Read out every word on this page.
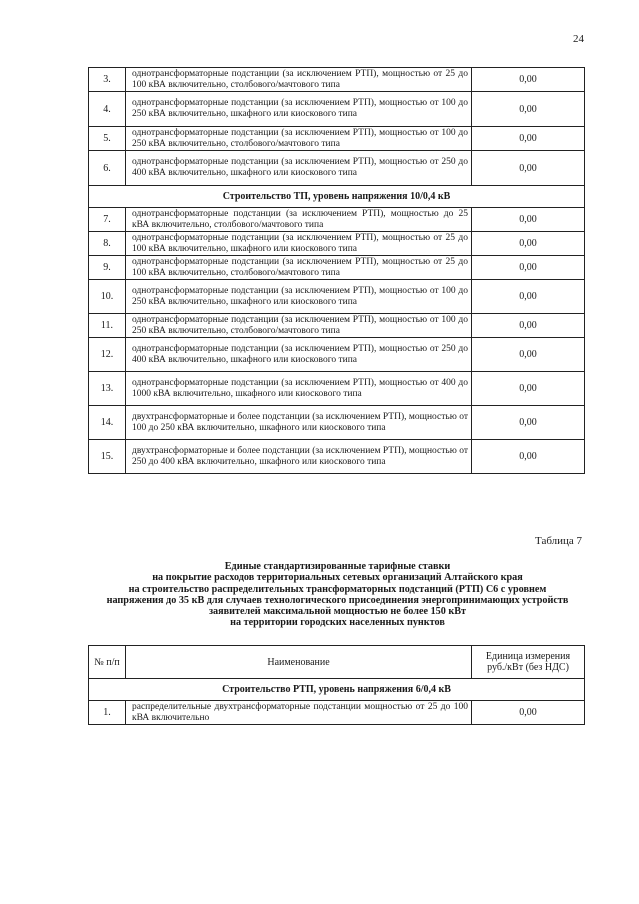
24
3.	однотрансформаторные подстанции (за исключением РТП), мощностью от 25 до 100 кВА включительно, столбового/мачтового типа	0,00
4.	однотрансформаторные подстанции (за исключением РТП), мощностью от 100 до 250 кВА включительно, шкафного или киоскового типа	0,00
5.	однотрансформаторные подстанции (за исключением РТП), мощностью от 100 до 250 кВА включительно, столбового/мачтового типа	0,00
6.	однотрансформаторные подстанции (за исключением РТП), мощностью от 250 до 400 кВА включительно, шкафного или киоскового типа	0,00
Строительство ТП, уровень напряжения 10/0,4 кВ		
7.	однотрансформаторные подстанции (за исключением РТП), мощностью до 25 кВА включительно, столбового/мачтового типа	0,00
8.	однотрансформаторные подстанции (за исключением РТП), мощностью от 25 до 100 кВА включительно, шкафного или киоскового типа	0,00
9.	однотрансформаторные подстанции (за исключением РТП), мощностью от 25 до 100 кВА включительно, столбового/мачтового типа	0,00
10.	однотрансформаторные подстанции (за исключением РТП), мощностью от 100 до 250 кВА включительно, шкафного или киоскового типа	0,00
11.	однотрансформаторные подстанции (за исключением РТП), мощностью от 100 до 250 кВА включительно, столбового/мачтового типа	0,00
12.	однотрансформаторные подстанции (за исключением РТП), мощностью от 250 до 400 кВА включительно, шкафного или киоскового типа	0,00
13.	однотрансформаторные подстанции (за исключением РТП), мощностью от 400 до 1000 кВА включительно, шкафного или киоскового типа	0,00
14.	двухтрансформаторные и более подстанции (за исключением РТП), мощностью от 100 до 250 кВА включительно, шкафного или киоскового типа	0,00
15.	двухтрансформаторные и более подстанции (за исключением РТП), мощностью от 250 до 400 кВА включительно, шкафного или киоскового типа	0,00
Таблица 7
Единые стандартизированные тарифные ставки
на покрытие расходов территориальных сетевых организаций Алтайского края
на строительство распределительных трансформаторных подстанций (РТП) С6 с уровнем
напряжения до 35 кВ для случаев технологического присоединения энергопринимающих устройств
заявителей максимальной мощностью не более 150 кВт
на территории городских населенных пунктов
№ п/п	Наименование	Единица измерения руб./кВт (без НДС)
Строительство РТП, уровень напряжения 6/0,4 кВ		
1.	распределительные двухтрансформаторные подстанции мощностью от 25 до 100 кВА включительно	0,00
